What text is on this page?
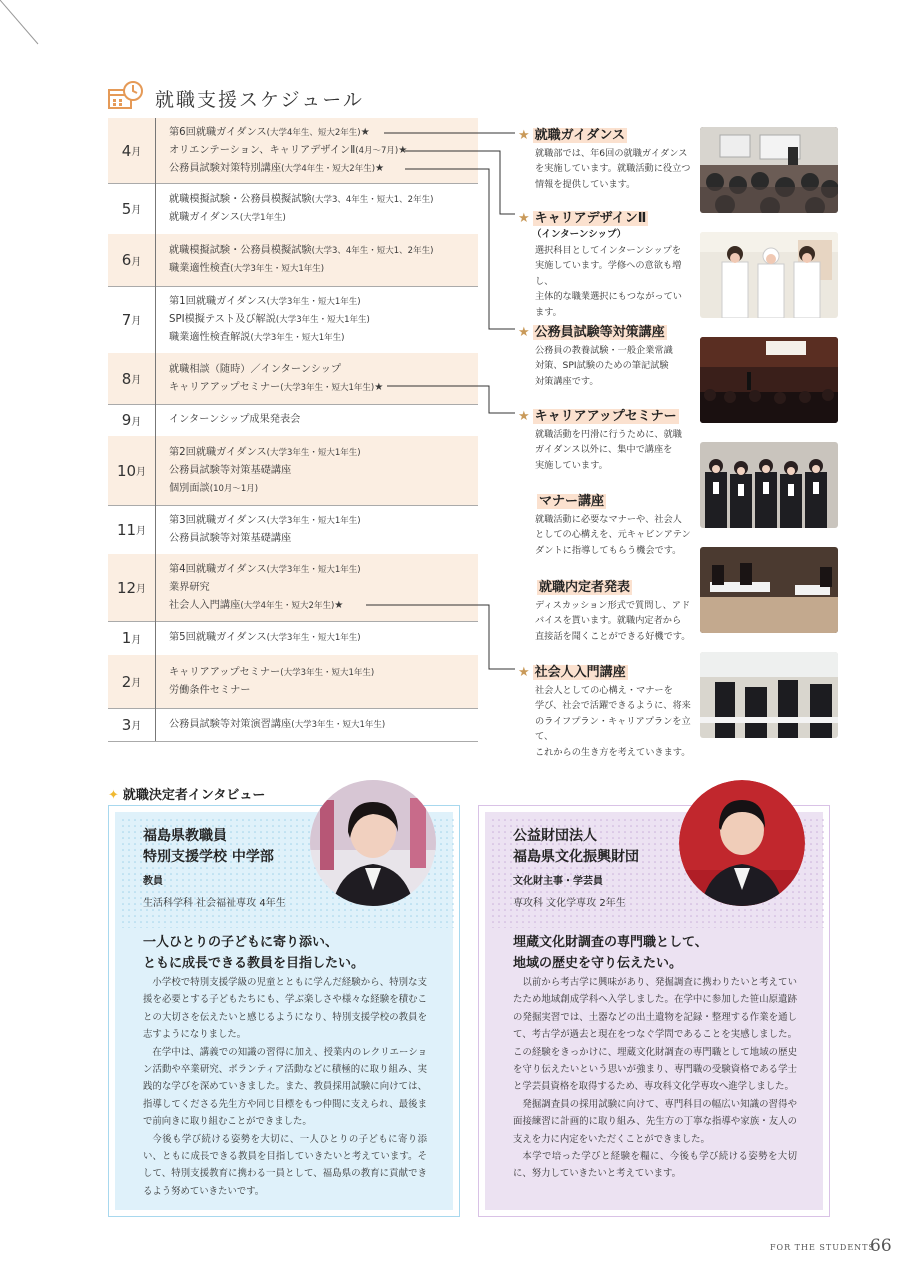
就職支援スケジュール
4 月
第6回就職ガイダンス(大学4年生、短大2年生)★
オリエンテーション、キャリアデザインⅡ(4月〜7月)★
公務員試験対策特別講座(大学4年生・短大2年生)★
5 月
就職模擬試験・公務員模擬試験(大学3、4年生・短大1、2年生)
就職ガイダンス(大学1年生)
6 月
就職模擬試験・公務員模擬試験(大学3、4年生・短大1、2年生)
職業適性検査(大学3年生・短大1年生)
7 月
第1回就職ガイダンス(大学3年生・短大1年生)
SPI模擬テスト及び解説(大学3年生・短大1年生)
職業適性検査解説(大学3年生・短大1年生)
8 月
就職相談（随時）／インターンシップ
キャリアアップセミナー(大学3年生・短大1年生)★
9 月	インターンシップ成果発表会
10 月
第2回就職ガイダンス(大学3年生・短大1年生)
公務員試験等対策基礎講座
個別面談(10月〜1月)
11 月
第3回就職ガイダンス(大学3年生・短大1年生)
公務員試験等対策基礎講座
12 月
第4回就職ガイダンス(大学3年生・短大1年生)
業界研究
社会人入門講座(大学4年生・短大2年生)★
1 月	第5回就職ガイダンス(大学3年生・短大1年生)
2 月
キャリアアップセミナー(大学3年生・短大1年生)
労働条件セミナー
3 月	公務員試験等対策演習講座(大学3年生・短大1年生)
★ 就職ガイダンス
就職部では、年6回の就職ガイダンス
を実施しています。就職活動に役立つ
情報を提供しています。
★ キャリアデザインⅡ
（インターンシップ）
選択科目としてインターンシップを
実施しています。学修への意欲も増し、
主体的な職業選択にもつながってい
ます。
★ 公務員試験等対策講座
公務員の教養試験・一般企業常識
対策、SPI試験のための筆記試験
対策講座です。
★ キャリアアップセミナー
就職活動を円滑に行うために、就職
ガイダンス以外に、集中で講座を
実施しています。
マナー講座
就職活動に必要なマナーや、社会人
としての心構えを、元キャビンアテン
ダントに指導してもらう機会です。
就職内定者発表
ディスカッション形式で質問し、アド
バイスを貰います。就職内定者から
直接話を聞くことができる好機です。
★ 社会人入門講座
社会人としての心構え・マナーを
学び、社会で活躍できるように、将来
のライフプラン・キャリアプランを立て、
これからの生き方を考えていきます。
✦ 就職決定者インタビュー
福島県教職員
特別支援学校 中学部
教員
生活科学科 社会福祉専攻 4年生
公益財団法人
福島県文化振興財団
文化財主事・学芸員
専攻科 文化学専攻 2年生
一人ひとりの子どもに寄り添い、
ともに成長できる教員を目指したい。

小学校で特別支援学級の児童とともに学んだ経験から、特別な支援を必要とする子どもたちにも、学ぶ楽しさや様々な経験を積むことの大切さを伝えたいと感じるようになり、特別支援学校の教員を志すようになりました。

在学中は、講義での知識の習得に加え、授業内のレクリエーション活動や卒業研究、ボランティア活動などに積極的に取り組み、実践的な学びを深めていきました。また、教員採用試験に向けては、指導してくださる先生方や同じ目標をもつ仲間に支えられ、最後まで前向きに取り組むことができました。

今後も学び続ける姿勢を大切に、一人ひとりの子どもに寄り添い、ともに成長できる教員を目指していきたいと考えています。そして、特別支援教育に携わる一員として、福島県の教育に貢献できるよう努めていきたいです。

埋蔵文化財調査の専門職として、
地域の歴史を守り伝えたい。

以前から考古学に興味があり、発掘調査に携わりたいと考えていたため地域創成学科へ入学しました。在学中に参加した笹山原遺跡の発掘実習では、土器などの出土遺物を記録・整理する作業を通して、考古学が過去と現在をつなぐ学問であることを実感しました。この経験をきっかけに、埋蔵文化財調査の専門職として地域の歴史を守り伝えたいという思いが強まり、専門職の受験資格である学士と学芸員資格を取得するため、専攻科文化学専攻へ進学しました。

発掘調査員の採用試験に向けて、専門科目の幅広い知識の習得や面接練習に計画的に取り組み、先生方の丁寧な指導や家族・友人の支えを力に内定をいただくことができました。

本学で培った学びと経験を糧に、今後も学び続ける姿勢を大切に、努力していきたいと考えています。

FOR THE STUDENTS
66
